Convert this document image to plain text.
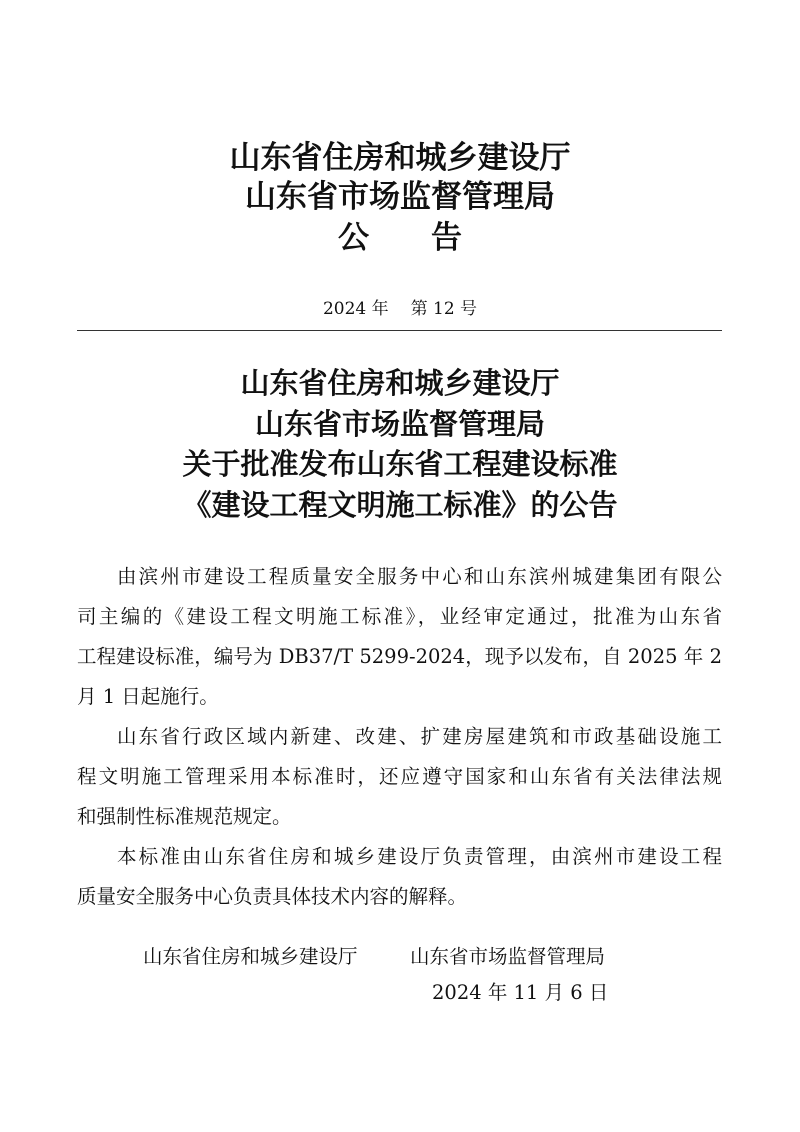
山东省住房和城乡建设厅
山东省市场监督管理局
公 告
2024 年 第 12 号
山东省住房和城乡建设厅
山东省市场监督管理局
关于批准发布山东省工程建设标准
《建设工程文明施工标准》的公告
由滨州市建设工程质量安全服务中心和山东滨州城建集团有限公
司主编的《建设工程文明施工标准》，业经审定通过，批准为山东省
工程建设标准，编号为 DB37/T 5299-2024，现予以发布，自 2025 年 2
月 1 日起施行。
山东省行政区域内新建、改建、扩建房屋建筑和市政基础设施工
程文明施工管理采用本标准时，还应遵守国家和山东省有关法律法规
和强制性标准规范规定。
本标准由山东省住房和城乡建设厅负责管理，由滨州市建设工程
质量安全服务中心负责具体技术内容的解释。
山东省住房和城乡建设厅	山东省市场监督管理局
2024 年 11 月 6 日
